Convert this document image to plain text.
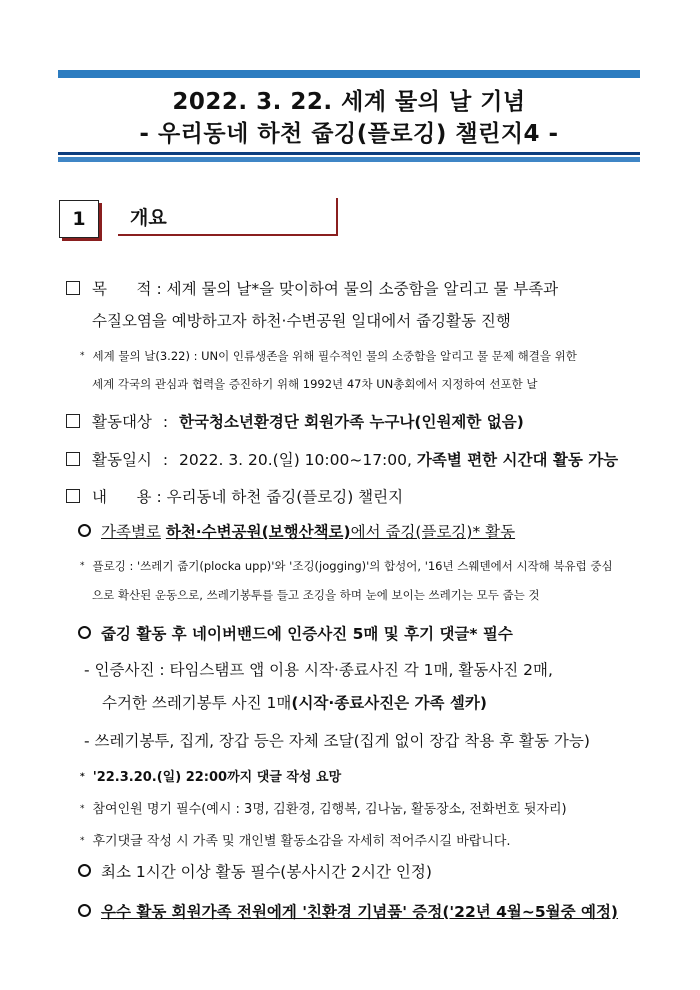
2022. 3. 22. 세계 물의 날 기념
- 우리동네 하천 줍깅(플로깅) 챌린지4 -
1	개요
목      적 : 세계 물의 날*을 맞이하여 물의 소중함을 알리고 물 부족과
수질오염을 예방하고자 하천·수변공원 일대에서 줍깅활동 진행
* 세계 물의 날(3.22) : UN이 인류생존을 위해 필수적인 물의 소중함을 알리고 물 문제 해결을 위한
세계 각국의 관심과 협력을 증진하기 위해 1992년 47차 UN총회에서 지정하여 선포한 날
활동대상 : 한국청소년환경단 회원가족 누구나(인원제한 없음)
활동일시 : 2022. 3. 20.(일) 10:00~17:00, 가족별 편한 시간대 활동 가능
내      용 : 우리동네 하천 줍깅(플로깅) 챌린지
가족별로 하천·수변공원(보행산책로)에서 줍깅(플로깅)* 활동
* 플로깅 : '쓰레기 줍기(plocka upp)'와 '조깅(jogging)'의 합성어, '16년 스웨덴에서 시작해 북유럽 중심
으로 확산된 운동으로, 쓰레기봉투를 들고 조깅을 하며 눈에 보이는 쓰레기는 모두 줍는 것
줍깅 활동 후 네이버밴드에 인증사진 5매 및 후기 댓글* 필수
- 인증사진 : 타임스탬프 앱 이용 시작·종료사진 각 1매, 활동사진 2매,
수거한 쓰레기봉투 사진 1매(시작·종료사진은 가족 셀카)
- 쓰레기봉투, 집게, 장갑 등은 자체 조달(집게 없이 장갑 착용 후 활동 가능)
* '22.3.20.(일) 22:00까지 댓글 작성 요망
* 참여인원 명기 필수(예시 : 3명, 김환경, 김행복, 김나눔, 활동장소, 전화번호 뒷자리)
* 후기댓글 작성 시 가족 및 개인별 활동소감을 자세히 적어주시길 바랍니다.
최소 1시간 이상 활동 필수(봉사시간 2시간 인정)
우수 활동 회원가족 전원에게 '친환경 기념품' 증정('22년 4월~5월중 예정)
